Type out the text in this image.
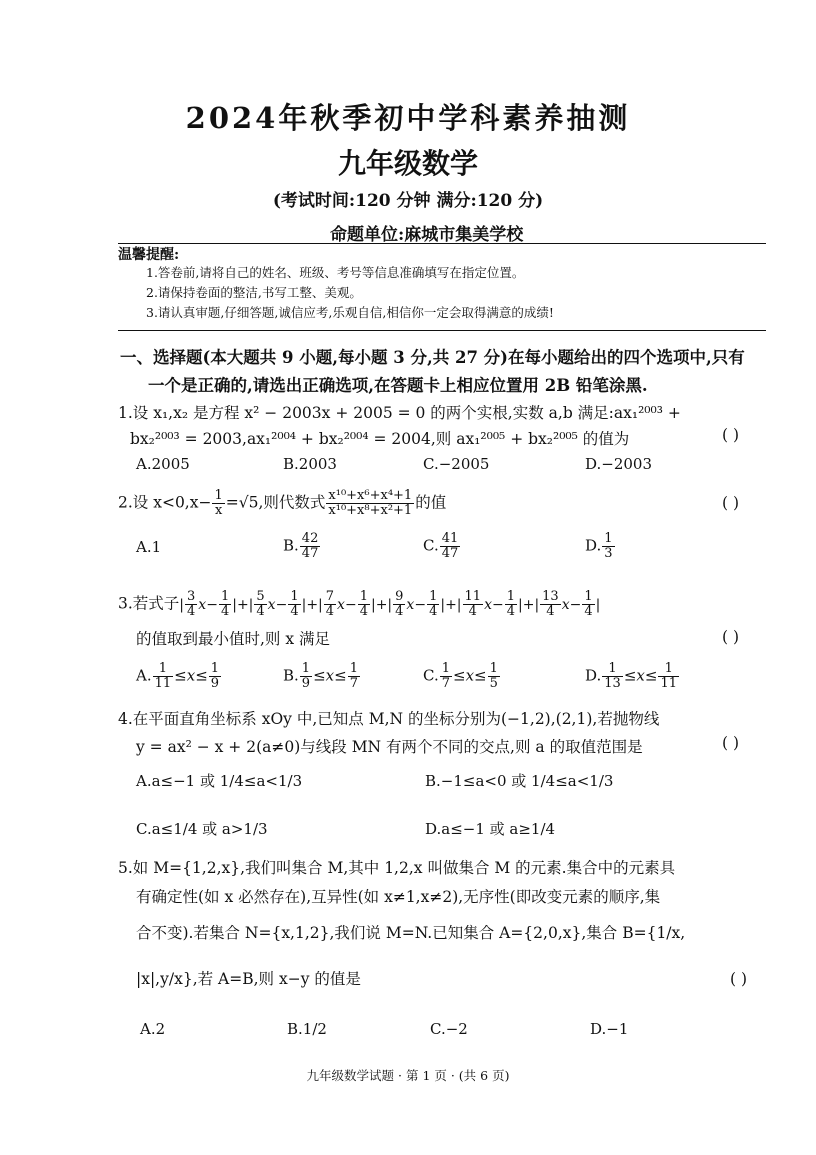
2024年秋季初中学科素养抽测
九年级数学
(考试时间:120 分钟 满分:120 分)
命题单位:麻城市集美学校
温馨提醒:
1.答卷前,请将自己的姓名、班级、考号等信息准确填写在指定位置。
2.请保持卷面的整洁,书写工整、美观。
3.请认真审题,仔细答题,诚信应考,乐观自信,相信你一定会取得满意的成绩!
一、选择题(本大题共 9 小题,每小题 3 分,共 27 分)在每小题给出的四个选项中,只有
一个是正确的,请选出正确选项,在答题卡上相应位置用 2B 铅笔涂黑.
1.设 x₁,x₂ 是方程 x² − 2003x + 2005 = 0 的两个实根,实数 a,b 满足:ax₁²⁰⁰³ +
bx₂²⁰⁰³ = 2003,ax₁²⁰⁰⁴ + bx₂²⁰⁰⁴ = 2004,则 ax₁²⁰⁰⁵ + bx₂²⁰⁰⁵ 的值为	( )
A.2005	B.2003	C.−2005	D.−2003
2.设 $x<0,x- \frac{1}{x} =√5$,则代数式 $\frac{\text{x¹⁰+x⁶+x⁴+1}}{\text{x¹⁰+x⁸+x²+1}}$ 的值	( )
A.1	B. $\frac{42}{47}$	C. $\frac{41}{47}$	D. $\frac{1}{3}$
3.若式子| $\frac{3}{4} x- \frac{1}{4}$ |+| $\frac{5}{4} x- \frac{1}{4}$ |+| $\frac{7}{4} x- \frac{1}{4}$ |+| $\frac{9}{4} x- \frac{1}{4}$ |+| $\frac{11}{4} x- \frac{1}{4}$ |+| $\frac{13}{4} x- \frac{1}{4}$ |
的值取到最小值时,则 x 满足	( )
A. $\frac{1}{11} \le x\le \frac{1}{9}$	B. $\frac{1}{9} \le x\le \frac{1}{7}$	C. $\frac{1}{7} \le x\le \frac{1}{5}$	D. $\frac{1}{13} \le x\le \frac{1}{11}$
4.在平面直角坐标系 xOy 中,已知点 M,N 的坐标分别为(−1,2),(2,1),若抛物线
y = ax² − x + 2(a≠0)与线段 MN 有两个不同的交点,则 a 的取值范围是	( )
A.a≤−1 或 1/4≤a<1/3	B.−1≤a<0 或 1/4≤a<1/3
C.a≤1/4 或 a>1/3	D.a≤−1 或 a≥1/4
5.如 M={1,2,x},我们叫集合 M,其中 1,2,x 叫做集合 M 的元素.集合中的元素具
有确定性(如 x 必然存在),互异性(如 x≠1,x≠2),无序性(即改变元素的顺序,集
合不变).若集合 N={x,1,2},我们说 M=N.已知集合 A={2,0,x},集合 B={1/x,
|x|,y/x},若 A=B,则 x−y 的值是	( )
A.2	B.1/2	C.−2	D.−1
九年级数学试题 · 第 1 页 · (共 6 页)
